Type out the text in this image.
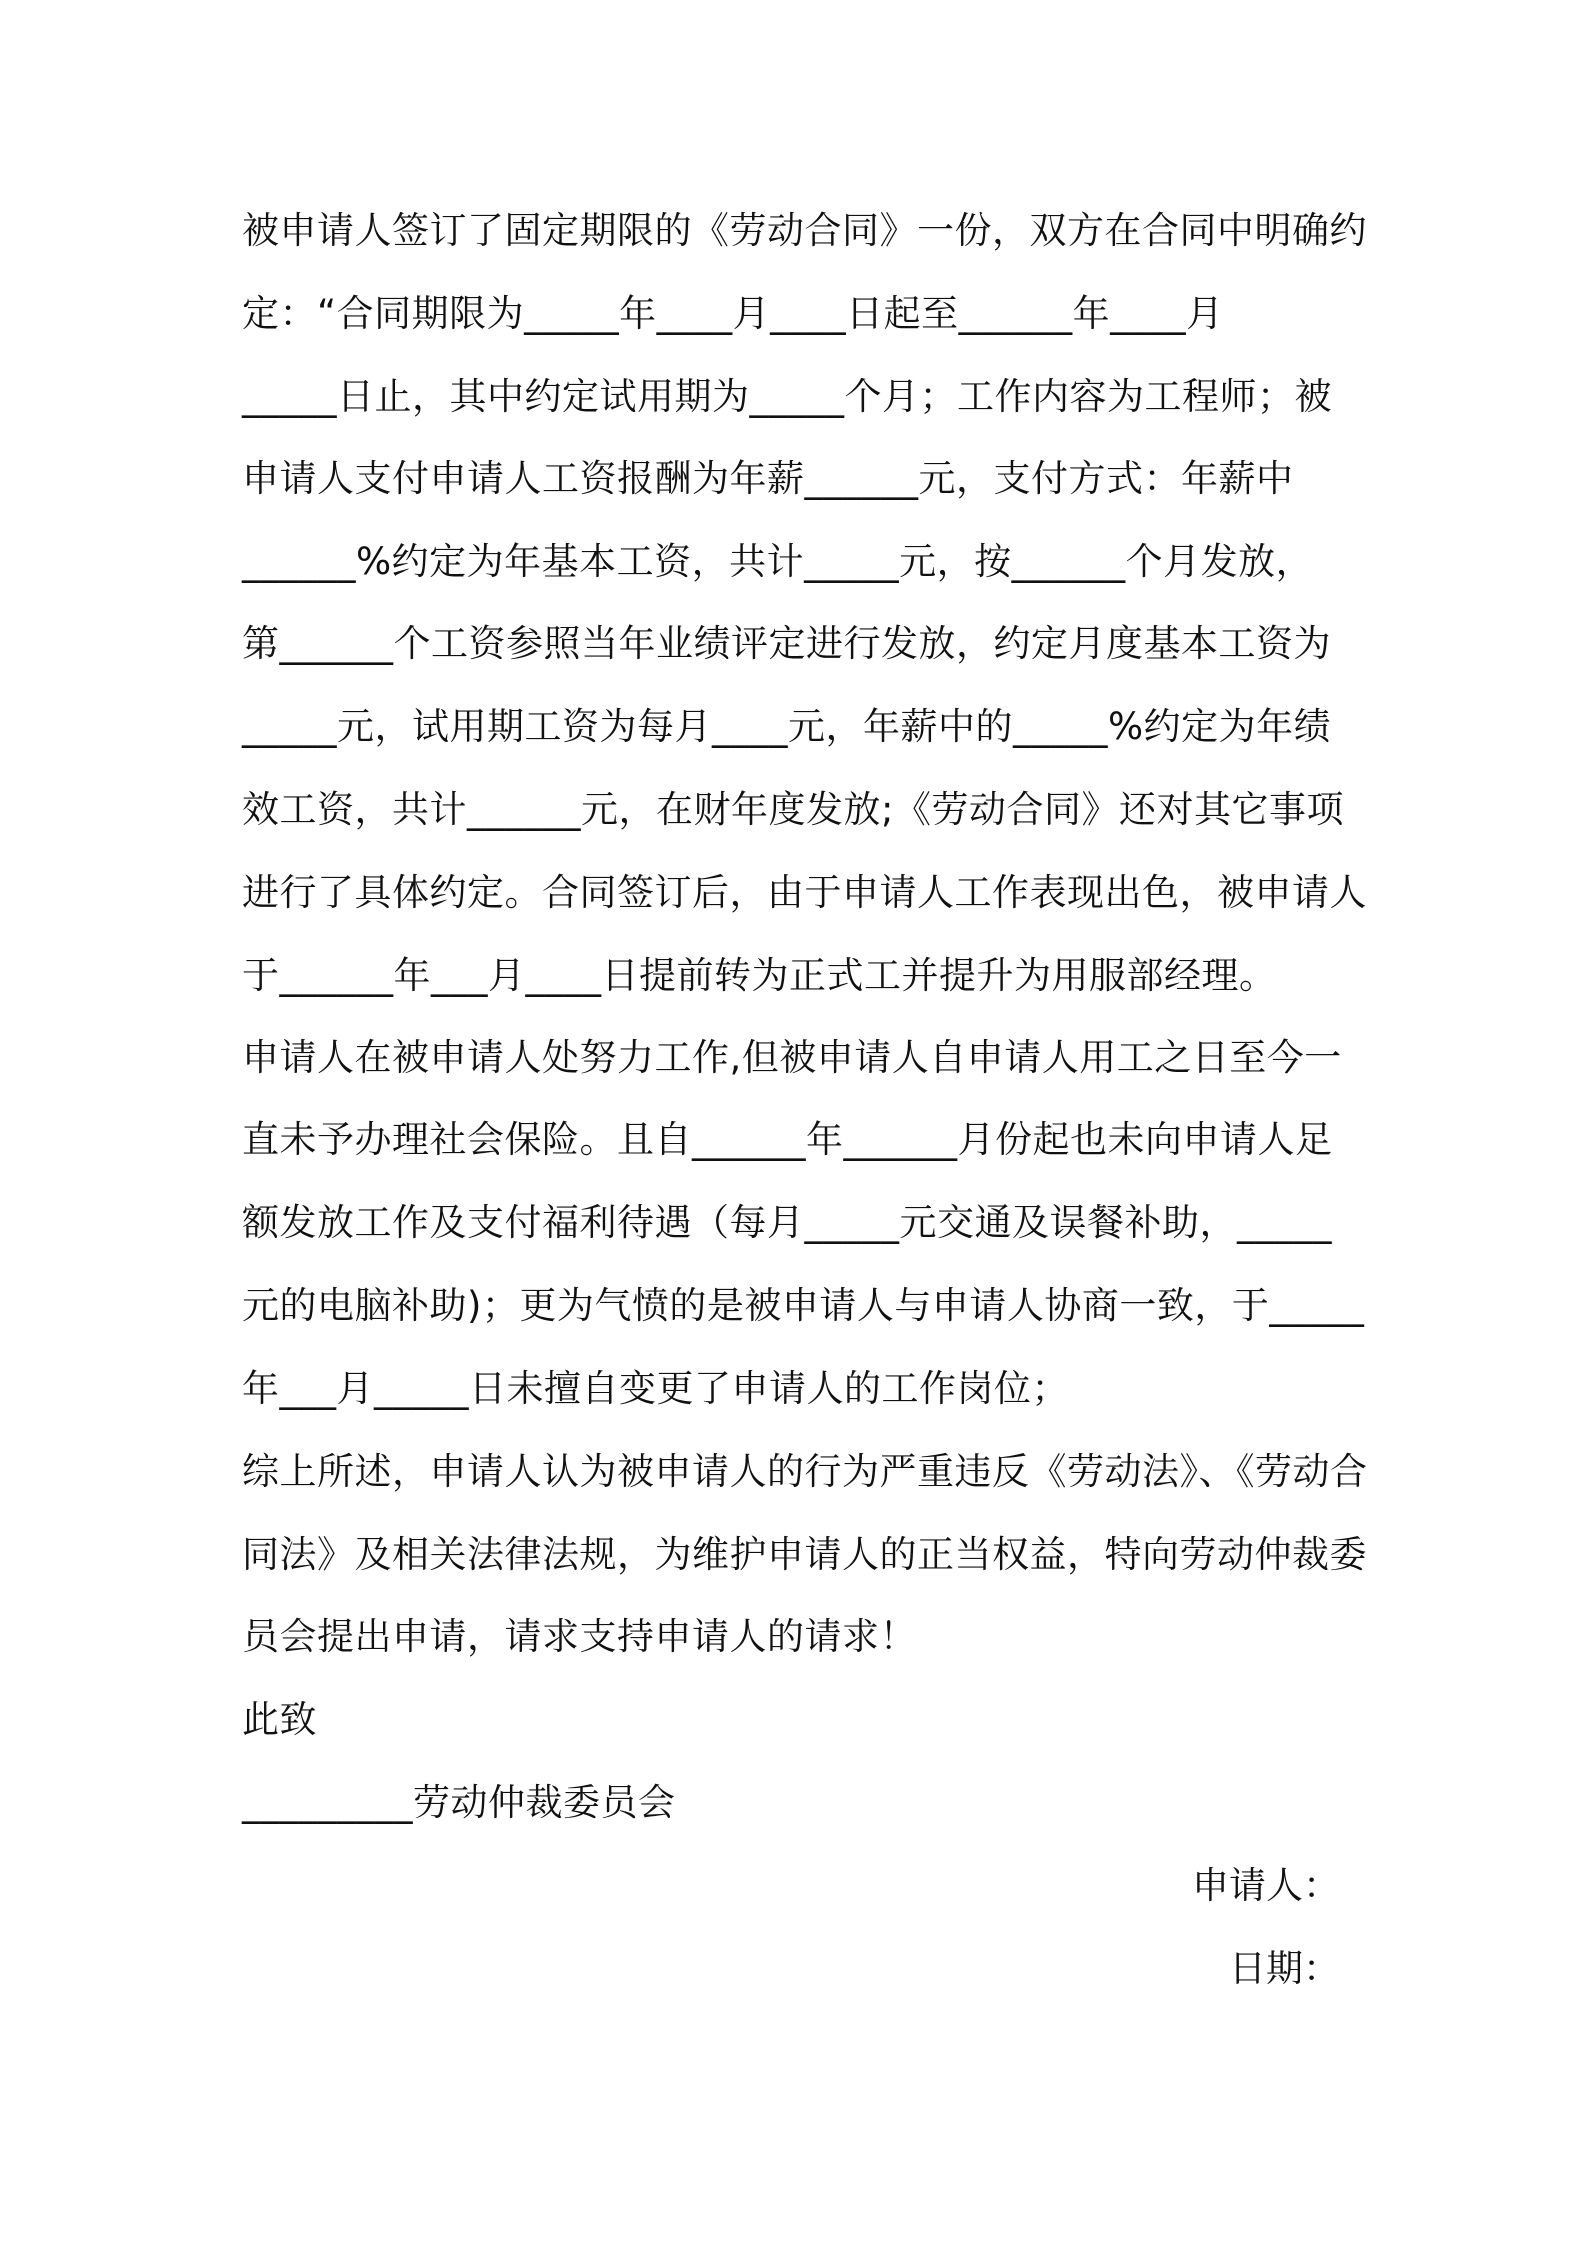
被申请人签订了固定期限的《劳动合同》一份，双方在合同中明确约
定：“合同期限为_____年____月____日起至______年____月
_____日止，其中约定试用期为_____个月；工作内容为工程师；被
申请人支付申请人工资报酬为年薪______元，支付方式：年薪中
______%约定为年基本工资，共计_____元，按______个月发放，
第______个工资参照当年业绩评定进行发放，约定月度基本工资为
_____元，试用期工资为每月____元，年薪中的_____%约定为年绩
效工资，共计______元，在财年度发放;《劳动合同》还对其它事项
进行了具体约定。合同签订后，由于申请人工作表现出色，被申请人
于______年___月____日提前转为正式工并提升为用服部经理。
申请人在被申请人处努力工作,但被申请人自申请人用工之日至今一
直未予办理社会保险。且自______年______月份起也未向申请人足
额发放工作及支付福利待遇（每月_____元交通及误餐补助，_____
元的电脑补助)；更为气愤的是被申请人与申请人协商一致，于_____
年___月_____日未擅自变更了申请人的工作岗位；
综上所述，申请人认为被申请人的行为严重违反《劳动法》、《劳动合
同法》及相关法律法规，为维护申请人的正当权益，特向劳动仲裁委
员会提出申请，请求支持申请人的请求！
此致
_________劳动仲裁委员会
申请人：
日期：
